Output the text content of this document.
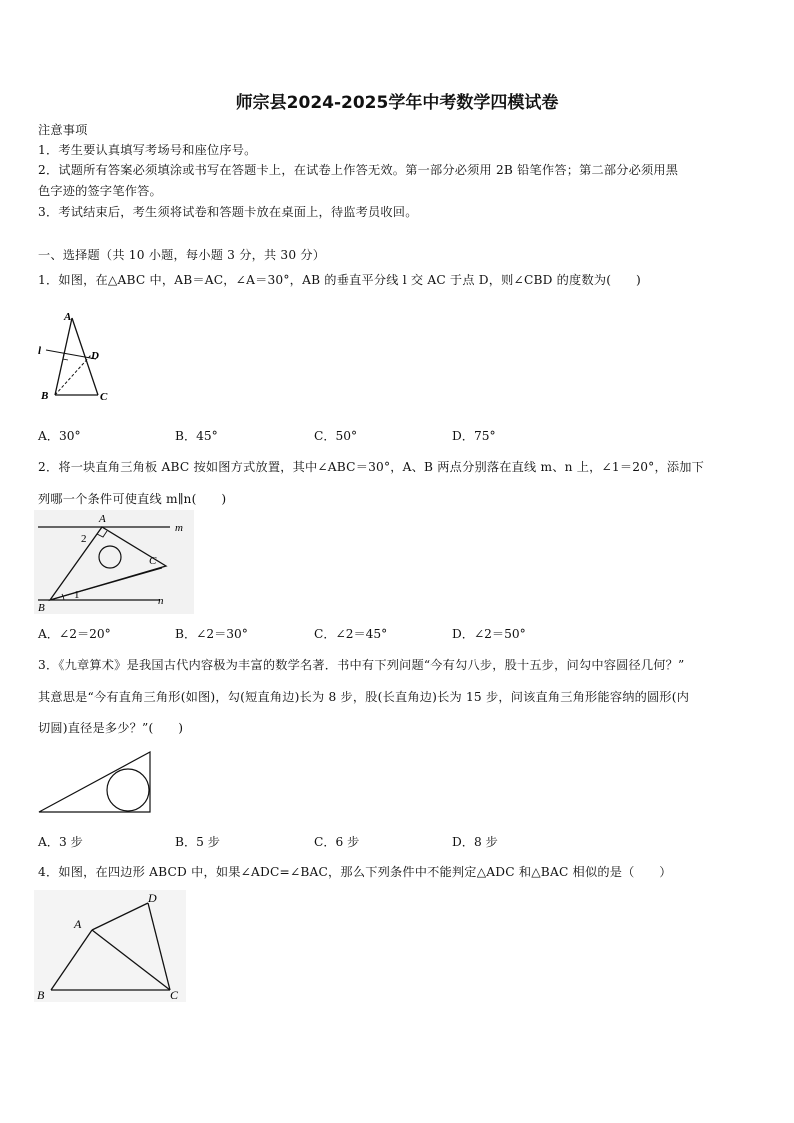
师宗县2024-2025学年中考数学四模试卷
注意事项
1．考生要认真填写考场号和座位序号。
2．试题所有答案必须填涂或书写在答题卡上，在试卷上作答无效。第一部分必须用 2B 铅笔作答；第二部分必须用黑
色字迹的签字笔作答。
3．考试结束后，考生须将试卷和答题卡放在桌面上，待监考员收回。
一、选择题（共 10 小题，每小题 3 分，共 30 分）
1．如图，在△ABC 中，AB＝AC，∠A＝30°，AB 的垂直平分线 l 交 AC 于点 D，则∠CBD 的度数为(　　)
A
l	D
B	C
A．30°	B．45°	C．50°	D．75°
2．将一块直角三角板 ABC 按如图方式放置，其中∠ABC＝30°，A、B 两点分别落在直线 m、n 上，∠1＝20°，添加下
列哪一个条件可使直线 m∥n(　　)
A
m
2
C
1
B
n
A．∠2＝20°	B．∠2＝30°	C．∠2＝45°	D．∠2＝50°
3．《九章算术》是我国古代内容极为丰富的数学名著．书中有下列问题“今有勾八步，股十五步，问勾中容圆径几何？”
其意思是“今有直角三角形(如图)，勾(短直角边)长为 8 步，股(长直角边)长为 15 步，问该直角三角形能容纳的圆形(内
切圆)直径是多少？”(　　)
A．3 步	B．5 步	C．6 步	D．8 步
4．如图，在四边形 ABCD 中，如果∠ADC=∠BAC，那么下列条件中不能判定△ADC 和△BAC 相似的是（　　）
A
D
B	C
